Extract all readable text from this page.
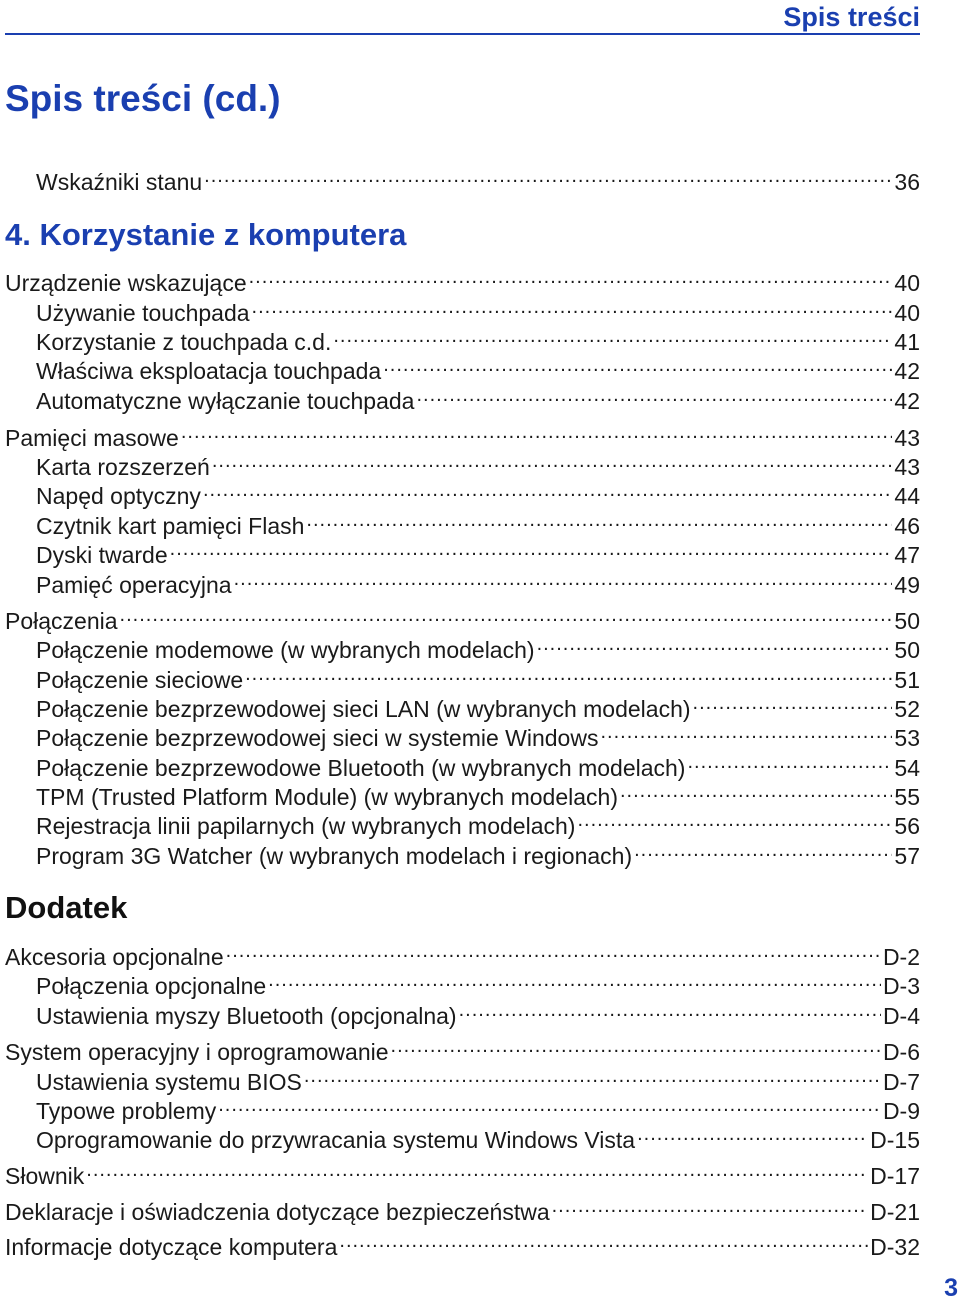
Spis treści
Spis treści (cd.)
Wskaźniki stanu .....	36
4. Korzystanie z komputera
Urządzenie wskazujące .....	40
Używanie touchpada .....	40
Korzystanie z touchpada c.d. .....	41
Właściwa eksploatacja touchpada .....	42
Automatyczne wyłączanie touchpada .....	42
Pamięci masowe .....	43
Karta rozszerzeń .....	43
Napęd optyczny .....	44
Czytnik kart pamięci Flash .....	46
Dyski twarde .....	47
Pamięć operacyjna .....	49
Połączenia .....	50
Połączenie modemowe (w wybranych modelach) .....	50
Połączenie sieciowe .....	51
Połączenie bezprzewodowej sieci LAN (w wybranych modelach) .....	52
Połączenie bezprzewodowej sieci w systemie Windows .....	53
Połączenie bezprzewodowe Bluetooth (w wybranych modelach) .....	54
TPM (Trusted Platform Module) (w wybranych modelach) .....	55
Rejestracja linii papilarnych (w wybranych modelach) .....	56
Program 3G Watcher (w wybranych modelach i regionach) .....	57
Dodatek
Akcesoria opcjonalne .....	D-2
Połączenia opcjonalne .....	D-3
Ustawienia myszy Bluetooth (opcjonalna) .....	D-4
System operacyjny i oprogramowanie .....	D-6
Ustawienia systemu BIOS .....	D-7
Typowe problemy .....	D-9
Oprogramowanie do przywracania systemu Windows Vista .....	D-15
Słownik .....	D-17
Deklaracje i oświadczenia dotyczące bezpieczeństwa .....	D-21
Informacje dotyczące komputera .....	D-32
3
